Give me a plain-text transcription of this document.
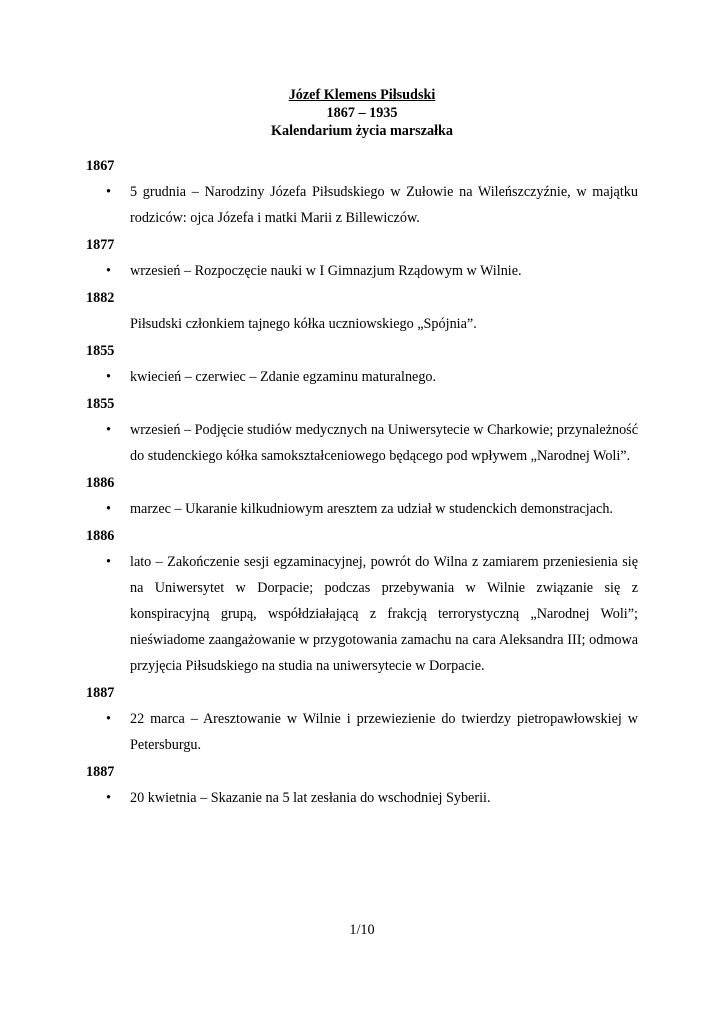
Józef Klemens Piłsudski
1867 – 1935
Kalendarium życia marszałka
1867
• 5 grudnia – Narodziny Józefa Piłsudskiego w Zułowie na Wileńszczyźnie, w majątku rodziców: ojca Józefa i matki Marii z Billewiczów.
1877
• wrzesień – Rozpoczęcie nauki w I Gimnazjum Rządowym w Wilnie.
1882
Piłsudski członkiem tajnego kółka uczniowskiego „Spójnia”.
1855
• kwiecień – czerwiec – Zdanie egzaminu maturalnego.
1855
• wrzesień – Podjęcie studiów medycznych na Uniwersytecie w Charkowie; przynależność do studenckiego kółka samokształceniowego będącego pod wpływem „Narodnej Woli”.
1886
• marzec – Ukaranie kilkudniowym aresztem za udział w studenckich demonstracjach.
1886
• lato – Zakończenie sesji egzaminacyjnej, powrót do Wilna z zamiarem przeniesienia się na Uniwersytet w Dorpacie; podczas przebywania w Wilnie związanie się z konspiracyjną grupą, współdziałającą z frakcją terrorystyczną „Narodnej Woli”; nieświadome zaangażowanie w przygotowania zamachu na cara Aleksandra III; odmowa przyjęcia Piłsudskiego na studia na uniwersytecie w Dorpacie.
1887
• 22 marca – Aresztowanie w Wilnie i przewiezienie do twierdzy pietropawłowskiej w Petersburgu.
1887
• 20 kwietnia – Skazanie na 5 lat zesłania do wschodniej Syberii.
1/10
